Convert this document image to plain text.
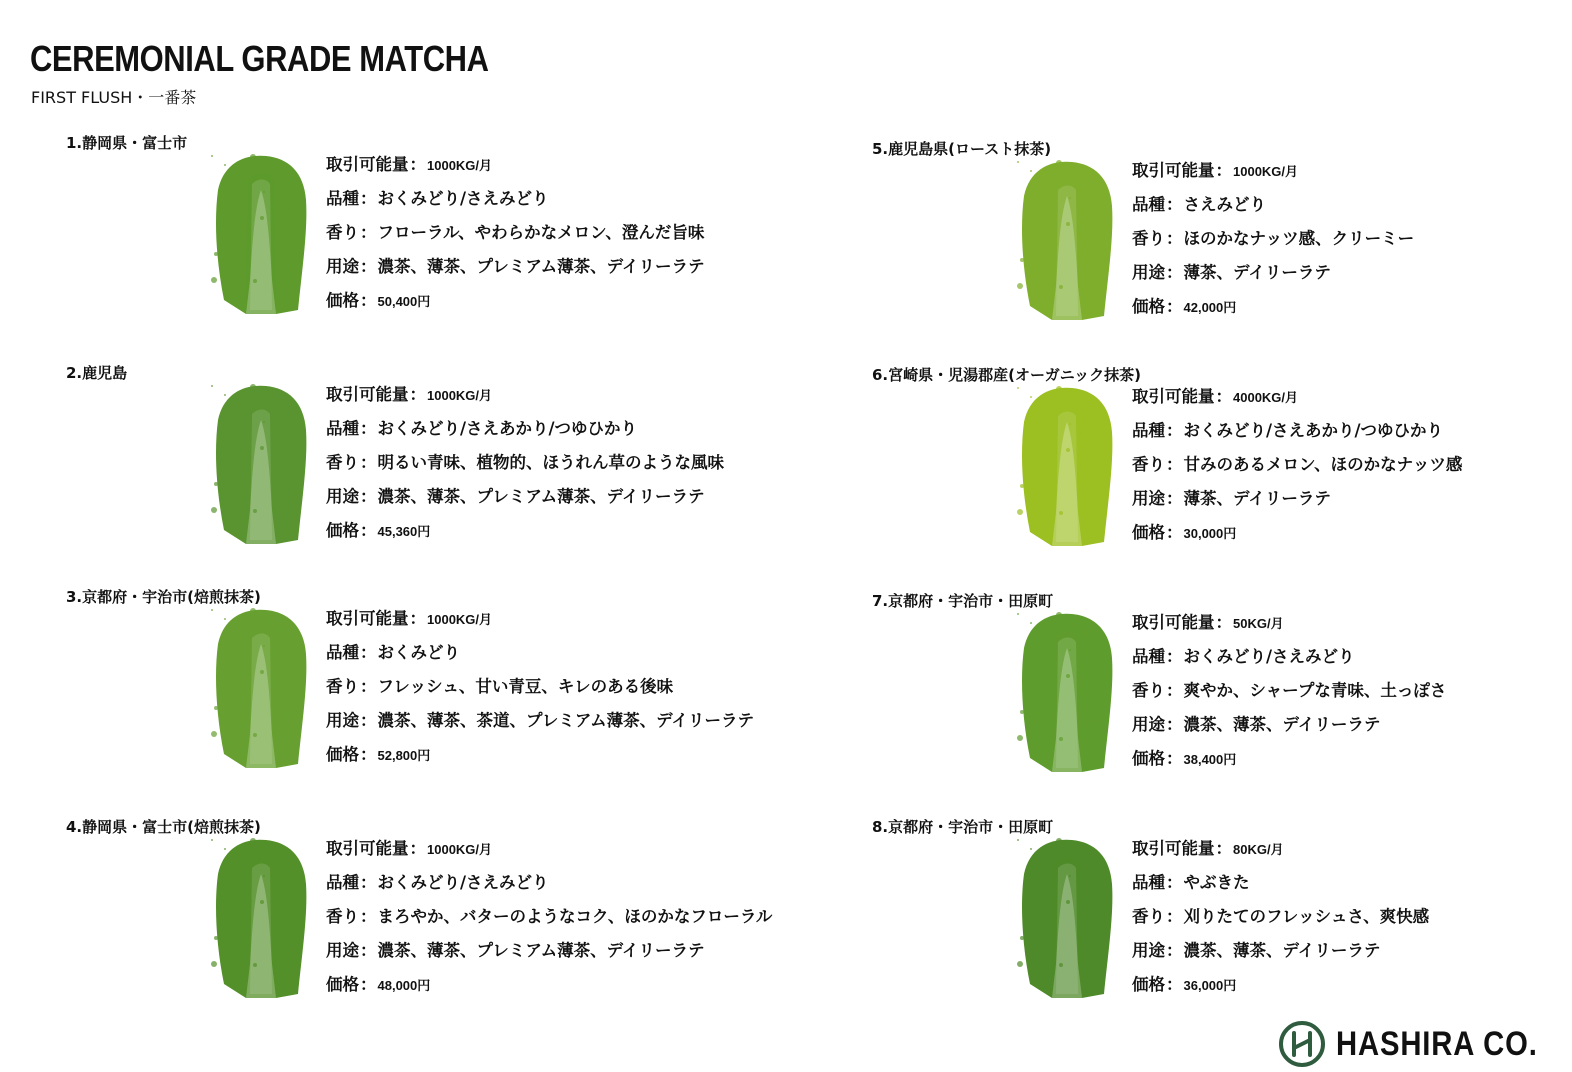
CEREMONIAL GRADE MATCHA
FIRST FLUSH・一番茶
1.静岡県・富士市
取引可能量：1000KG/月
品種：おくみどり/さえみどり
香り：フローラル、やわらかなメロン、澄んだ旨味
用途：濃茶、薄茶、プレミアム薄茶、デイリーラテ
価格：50,400円
2.鹿児島
取引可能量：1000KG/月
品種：おくみどり/さえあかり/つゆひかり
香り：明るい青味、植物的、ほうれん草のような風味
用途：濃茶、薄茶、プレミアム薄茶、デイリーラテ
価格：45,360円
3.京都府・宇治市(焙煎抹茶)
取引可能量：1000KG/月
品種：おくみどり
香り：フレッシュ、甘い青豆、キレのある後味
用途：濃茶、薄茶、茶道、プレミアム薄茶、デイリーラテ
価格：52,800円
4.静岡県・富士市(焙煎抹茶)
取引可能量：1000KG/月
品種：おくみどり/さえみどり
香り：まろやか、バターのようなコク、ほのかなフローラル
用途：濃茶、薄茶、プレミアム薄茶、デイリーラテ
価格：48,000円
5.鹿児島県(ロースト抹茶)
取引可能量：1000KG/月
品種：さえみどり
香り：ほのかなナッツ感、クリーミー
用途：薄茶、デイリーラテ
価格：42,000円
6.宮崎県・児湯郡産(オーガニック抹茶)
取引可能量：4000KG/月
品種：おくみどり/さえあかり/つゆひかり
香り：甘みのあるメロン、ほのかなナッツ感
用途：薄茶、デイリーラテ
価格：30,000円
7.京都府・宇治市・田原町
取引可能量：50KG/月
品種：おくみどり/さえみどり
香り：爽やか、シャープな青味、土っぽさ
用途：濃茶、薄茶、デイリーラテ
価格：38,400円
8.京都府・宇治市・田原町
取引可能量：80KG/月
品種：やぶきた
香り：刈りたてのフレッシュさ、爽快感
用途：濃茶、薄茶、デイリーラテ
価格：36,000円
HASHIRA CO.
